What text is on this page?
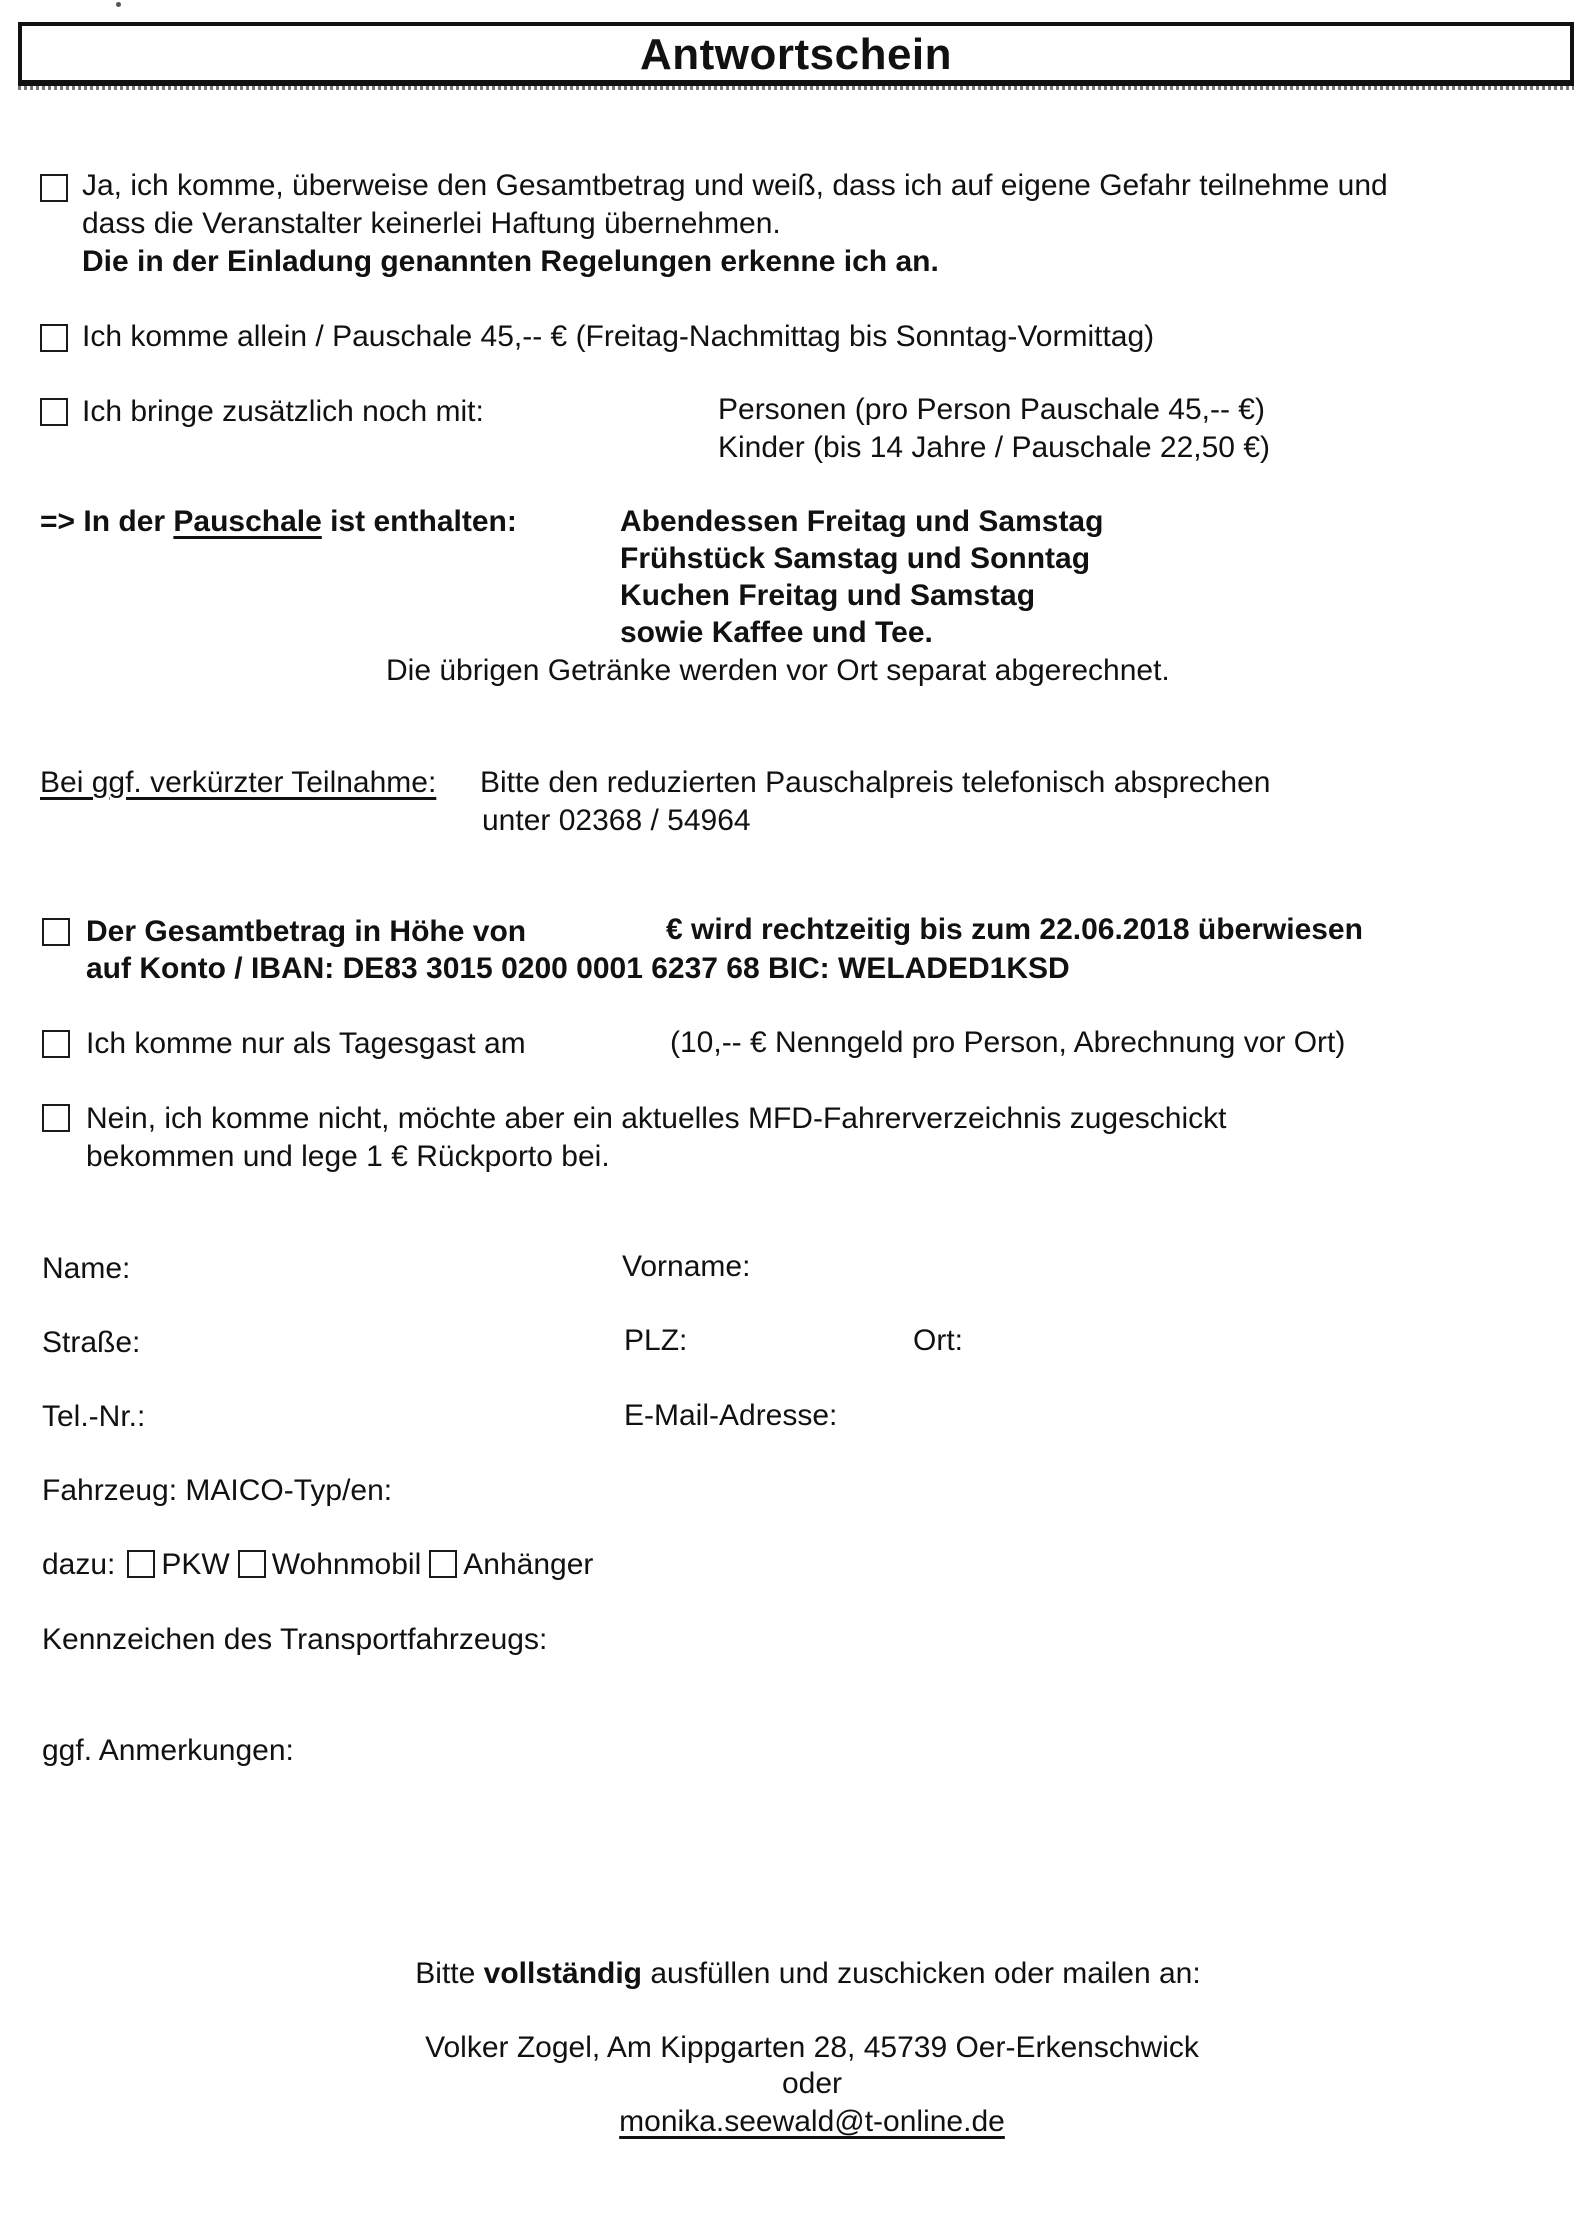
Antwortschein
Ja, ich komme, überweise den Gesamtbetrag und weiß, dass ich auf eigene Gefahr teilnehme und
dass die Veranstalter keinerlei Haftung übernehmen.
Die in der Einladung genannten Regelungen erkenne ich an.
Ich komme allein / Pauschale 45,-- € (Freitag-Nachmittag bis Sonntag-Vormittag)
Ich bringe zusätzlich noch mit:	Personen (pro Person Pauschale 45,-- €)
Kinder (bis 14 Jahre / Pauschale 22,50 €)
=> In der Pauschale ist enthalten:	Abendessen Freitag und Samstag
Frühstück Samstag und Sonntag
Kuchen Freitag und Samstag
sowie Kaffee und Tee.
Die übrigen Getränke werden vor Ort separat abgerechnet.
Bei ggf. verkürzter Teilnahme: Bitte den reduzierten Pauschalpreis telefonisch absprechen
unter 02368 / 54964
Der Gesamtbetrag in Höhe von	€ wird rechtzeitig bis zum 22.06.2018 überwiesen
auf Konto / IBAN: DE83 3015 0200 0001 6237 68 BIC: WELADED1KSD
Ich komme nur als Tagesgast am	(10,-- € Nenngeld pro Person, Abrechnung vor Ort)
Nein, ich komme nicht, möchte aber ein aktuelles MFD-Fahrerverzeichnis zugeschickt
bekommen und lege 1 € Rückporto bei.
Name:	Vorname:
Straße:	PLZ:	Ort:
Tel.-Nr.:	E-Mail-Adresse:
Fahrzeug: MAICO-Typ/en:
dazu: PKW Wohnmobil Anhänger
Kennzeichen des Transportfahrzeugs:
ggf. Anmerkungen:
Bitte vollständig ausfüllen und zuschicken oder mailen an:
Volker Zogel, Am Kippgarten 28, 45739 Oer-Erkenschwick
oder
monika.seewald@t-online.de
